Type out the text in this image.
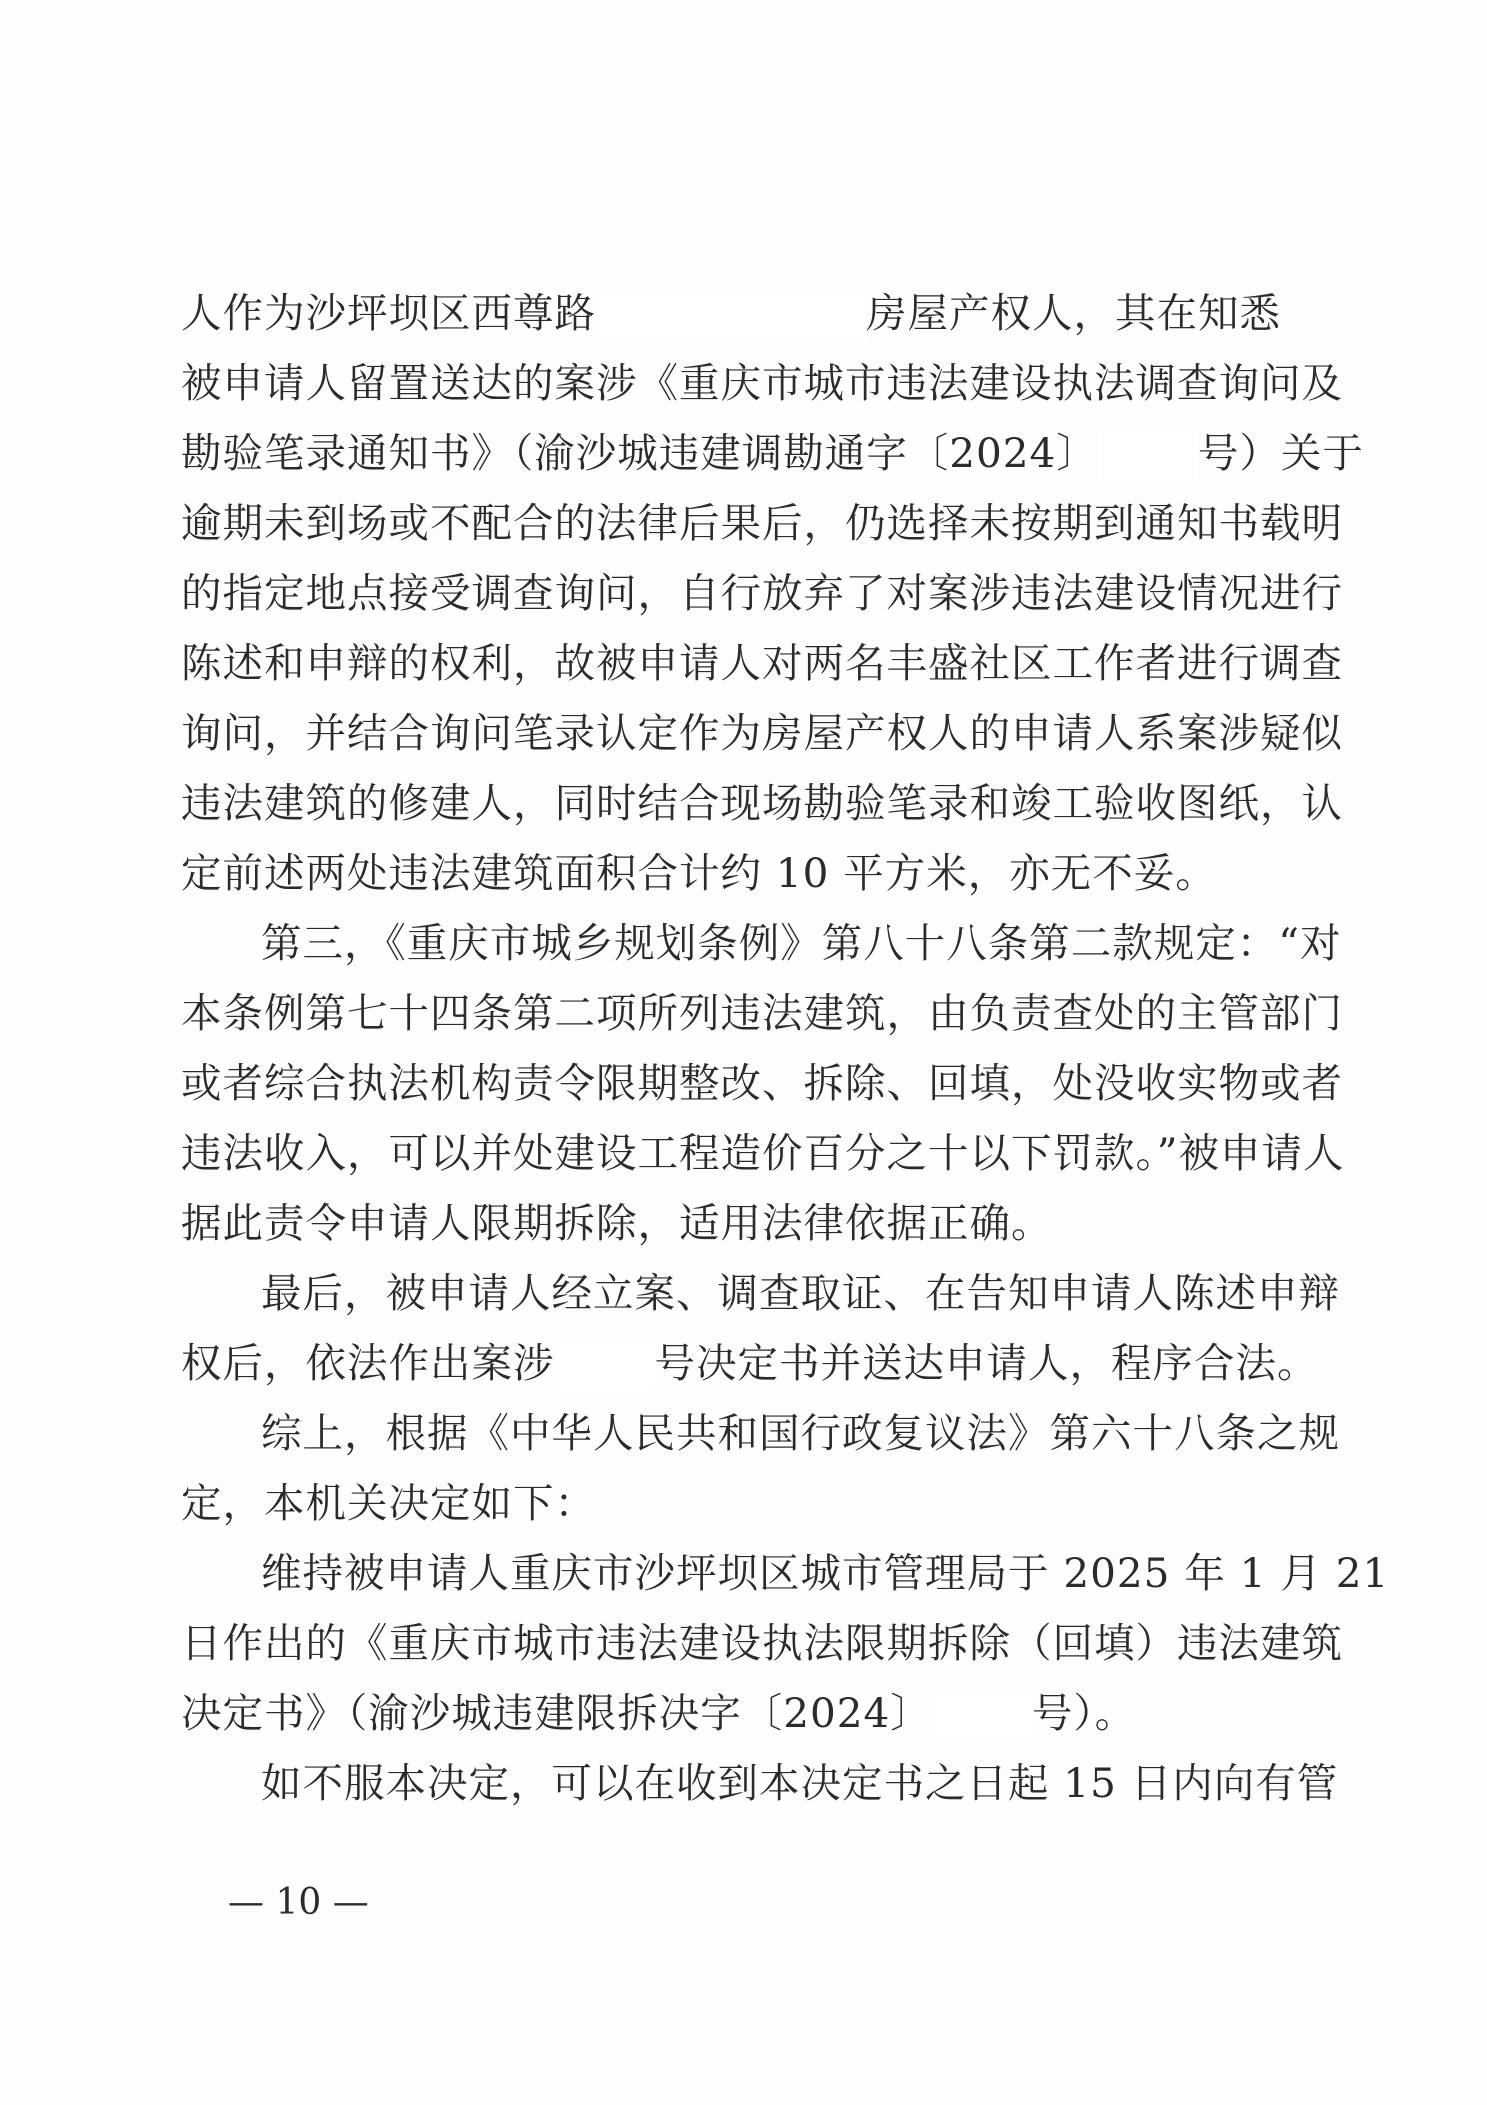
人作为沙坪坝区西尊路	房屋产权人，其在知悉

被申请人留置送达的案涉《重庆市城市违法建设执法调查询问及

勘验笔录通知书》（渝沙城违建调勘通字〔2024〕 号）关于

逾期未到场或不配合的法律后果后，仍选择未按期到通知书载明

的指定地点接受调查询问，自行放弃了对案涉违法建设情况进行

陈述和申辩的权利，故被申请人对两名丰盛社区工作者进行调查

询问，并结合询问笔录认定作为房屋产权人的申请人系案涉疑似

违法建筑的修建人，同时结合现场勘验笔录和竣工验收图纸，认

定前述两处违法建筑面积合计约 10 平方米，亦无不妥。

第三，《重庆市城乡规划条例》第八十八条第二款规定：“对

本条例第七十四条第二项所列违法建筑，由负责查处的主管部门

或者综合执法机构责令限期整改、拆除、回填，处没收实物或者

违法收入，可以并处建设工程造价百分之十以下罚款。”被申请人

据此责令申请人限期拆除，适用法律依据正确。

最后，被申请人经立案、调查取证、在告知申请人陈述申辩

权后，依法作出案涉 号决定书并送达申请人，程序合法。

综上，根据《中华人民共和国行政复议法》第六十八条之规

定，本机关决定如下：

维持被申请人重庆市沙坪坝区城市管理局于 2025 年 1 月 21

日作出的《重庆市城市违法建设执法限期拆除（回填）违法建筑

决定书》（渝沙城违建限拆决字〔2024〕 号）。

如不服本决定，可以在收到本决定书之日起 15 日内向有管

— 10 —
